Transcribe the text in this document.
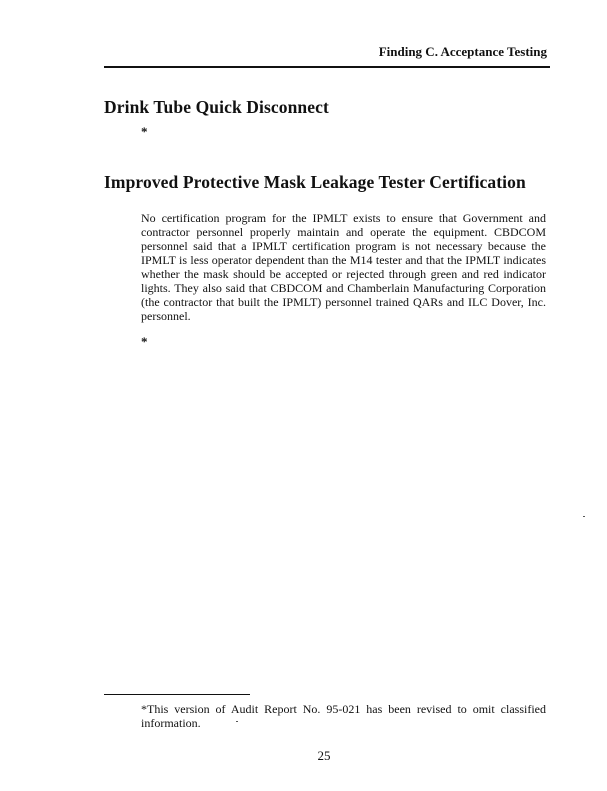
Finding C. Acceptance Testing
Drink Tube Quick Disconnect
*
Improved Protective Mask Leakage Tester Certification
No certification program for the IPMLT exists to ensure that Government and contractor personnel properly maintain and operate the equipment. CBDCOM personnel said that a IPMLT certification program is not necessary because the IPMLT is less operator dependent than the M14 tester and that the IPMLT indicates whether the mask should be accepted or rejected through green and red indicator lights. They also said that CBDCOM and Chamberlain Manufacturing Corporation (the contractor that built the IPMLT) personnel trained QARs and ILC Dover, Inc. personnel.
*
*This version of Audit Report No. 95-021 has been revised to omit classified information.
25
